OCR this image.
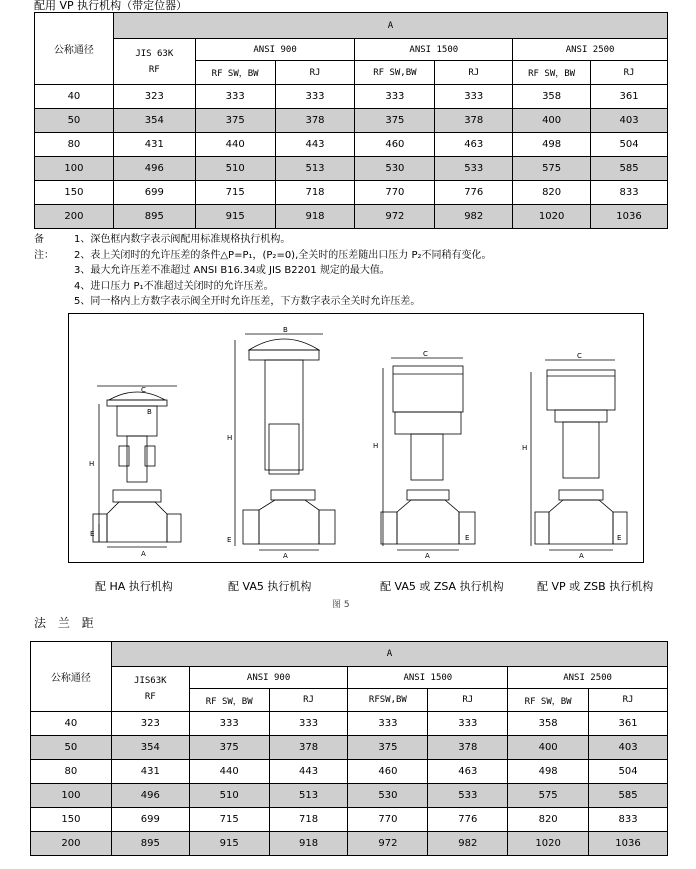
配用 VP 执行机构（带定位器）
公称通径	A						

	JIS 63K
RF	ANSI 900		ANSI 1500		ANSI 2500	
		RF SW，BW	RJ	RF SW,BW	RJ	RF SW，BW	RJ
40	323	333	333	333	333	358	361
50	354	375	378	375	378	400	403
80	431	440	443	460	463	498	504
100	496	510	513	530	533	575	585
150	699	715	718	770	776	820	833
200	895	915	918	972	982	1020	1036
备注：
1、深色框内数字表示阀配用标准规格执行机构。
2、表上关闭时的允许压差的条件△P=P₁，(P₂=0),全关时的压差随出口压力 P₂不同稍有变化。
3、最大允许压差不准超过 ANSI B16.34或 JIS B2201 规定的最大值。
4、进口压力 P₁不准超过关闭时的允许压差。
5、同一格内上方数字表示阀全开时允许压差，下方数字表示全关时允许压差。
C
B
H
E
A
B
H
E
A
C
H
E
A
C
H
E
A
配 HA 执行机构	配 VA5 执行机构	配 VA5 或 ZSA 执行机构	配 VP 或 ZSB 执行机构
图 5
法 兰 距
公称通径	A						

	JIS63K
RF	ANSI 900		ANSI 1500		ANSI 2500	
		RF SW，BW	RJ	RFSW,BW	RJ	RF SW，BW	RJ
40	323	333	333	333	333	358	361
50	354	375	378	375	378	400	403
80	431	440	443	460	463	498	504
100	496	510	513	530	533	575	585
150	699	715	718	770	776	820	833
200	895	915	918	972	982	1020	1036
